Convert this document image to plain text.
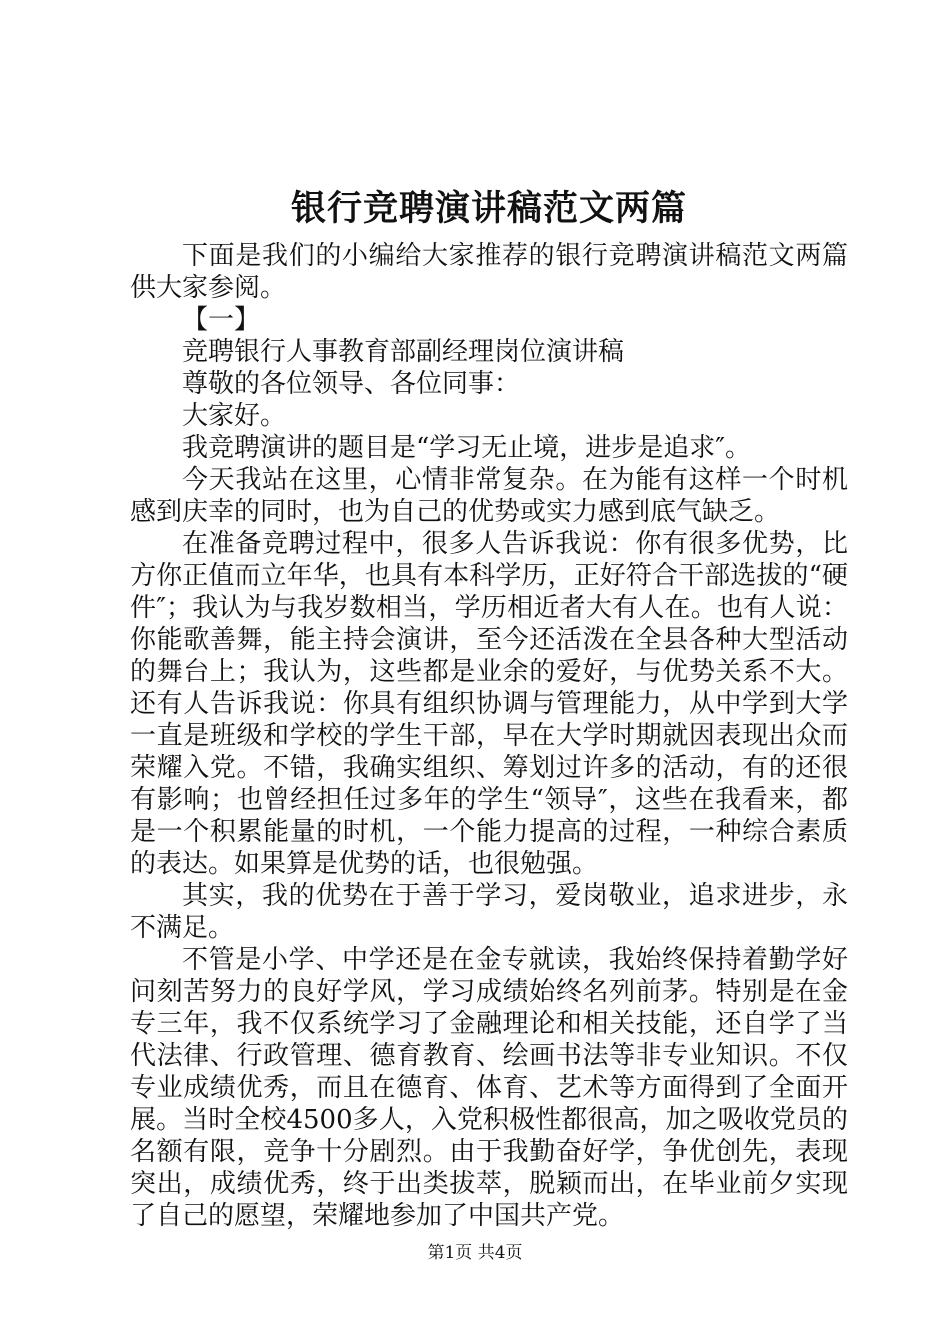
银行竞聘演讲稿范文两篇

下面是我们的小编给大家推荐的银行竞聘演讲稿范文两篇供大家参阅。

【一】

竞聘银行人事教育部副经理岗位演讲稿

尊敬的各位领导、各位同事：

大家好。

我竞聘演讲的题目是“学习无止境，进步是追求″。

今天我站在这里，心情非常复杂。在为能有这样一个时机感到庆幸的同时，也为自己的优势或实力感到底气缺乏。

在准备竞聘过程中，很多人告诉我说：你有很多优势，比方你正值而立年华，也具有本科学历，正好符合干部选拔的“硬件″；我认为与我岁数相当，学历相近者大有人在。也有人说：你能歌善舞，能主持会演讲，至今还活泼在全县各种大型活动的舞台上；我认为，这些都是业余的爱好，与优势关系不大。还有人告诉我说：你具有组织协调与管理能力，从中学到大学一直是班级和学校的学生干部，早在大学时期就因表现出众而荣耀入党。不错，我确实组织、筹划过许多的活动，有的还很有影响；也曾经担任过多年的学生“领导″，这些在我看来，都是一个积累能量的时机，一个能力提高的过程，一种综合素质的表达。如果算是优势的话，也很勉强。

其实，我的优势在于善于学习，爱岗敬业，追求进步，永不满足。

不管是小学、中学还是在金专就读，我始终保持着勤学好问刻苦努力的良好学风，学习成绩始终名列前茅。特别是在金专三年，我不仅系统学习了金融理论和相关技能，还自学了当代法律、行政管理、德育教育、绘画书法等非专业知识。不仅专业成绩优秀，而且在德育、体育、艺术等方面得到了全面开展。当时全校4500多人，入党积极性都很高，加之吸收党员的名额有限，竞争十分剧烈。由于我勤奋好学，争优创先，表现突出，成绩优秀，终于出类拔萃，脱颖而出，在毕业前夕实现了自己的愿望，荣耀地参加了中国共产党。

第1页 共4页
